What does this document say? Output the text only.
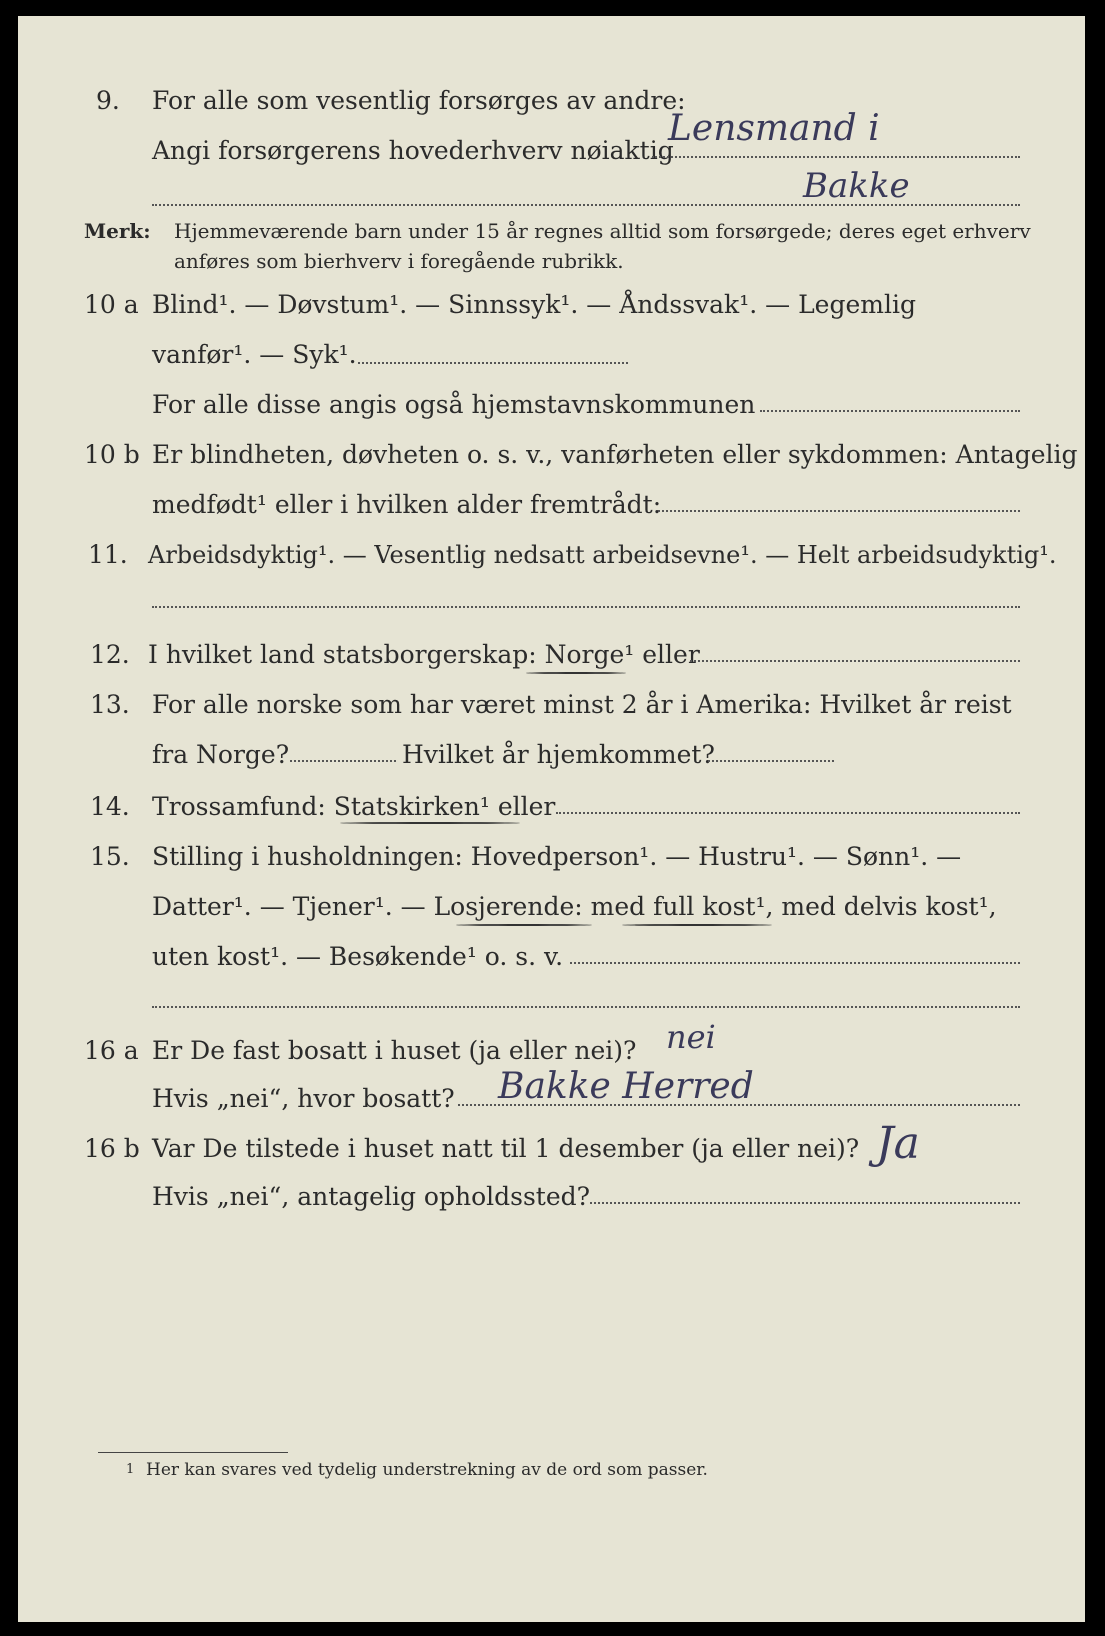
9. For alle som vesentlig forsørges av andre:
Angi forsørgerens hovederhverv nøiaktig
Lensmand i
Bakke
Merk: Hjemmeværende barn under 15 år regnes alltid som forsørgede; deres eget erhverv
anføres som bierhverv i foregående rubrikk.
10 a Blind¹. — Døvstum¹. — Sinnssyk¹. — Åndssvak¹. — Legemlig
vanfør¹. — Syk¹.
For alle disse angis også hjemstavnskommunen
10 b Er blindheten, døvheten o. s. v., vanførheten eller sykdommen: Antagelig
medfødt¹ eller i hvilken alder fremtrådt:
11. Arbeidsdyktig¹. — Vesentlig nedsatt arbeidsevne¹. — Helt arbeidsudyktig¹.
12. I hvilket land statsborgerskap: Norge¹ eller
13. For alle norske som har været minst 2 år i Amerika: Hvilket år reist
fra Norge?	Hvilket år hjemkommet?
14. Trossamfund: Statskirken¹ eller
15. Stilling i husholdningen: Hovedperson¹. — Hustru¹. — Sønn¹. —
Datter¹. — Tjener¹. — Losjerende: med full kost¹, med delvis kost¹,
uten kost¹. — Besøkende¹ o. s. v.
16 a Er De fast bosatt i huset (ja eller nei)? nei
Hvis „nei“, hvor bosatt? Bakke Herred
16 b Var De tilstede i huset natt til 1 desember (ja eller nei)? Ja
Hvis „nei“, antagelig opholdssted?
1 Her kan svares ved tydelig understrekning av de ord som passer.
